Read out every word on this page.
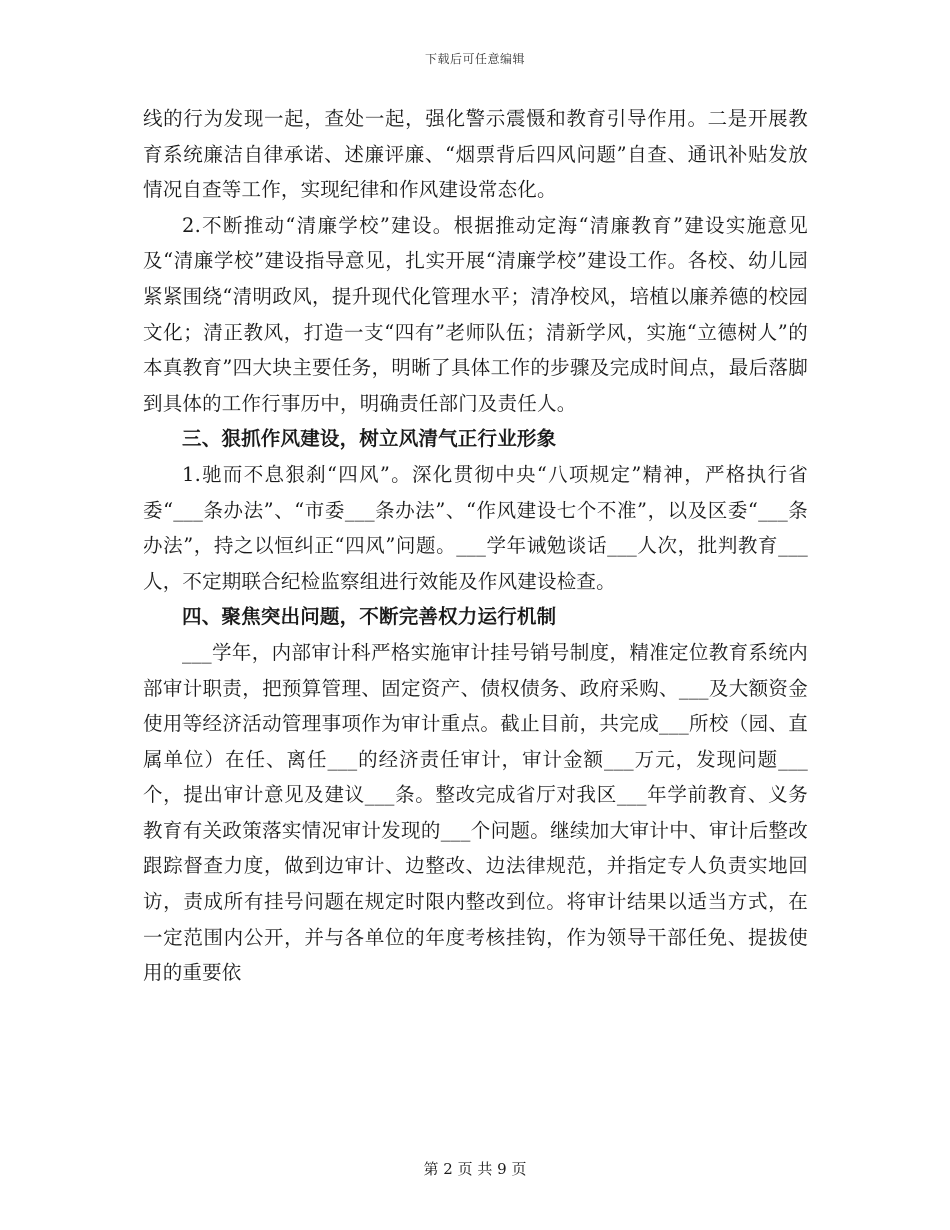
下载后可任意编辑

线的行为发现一起，查处一起，强化警示震慑和教育引导作用。二是开展教育系统廉洁自律承诺、述廉评廉、“烟票背后四风问题”自查、通讯补贴发放情况自查等工作，实现纪律和作风建设常态化。

2.不断推动“清廉学校”建设。根据推动定海“清廉教育”建设实施意见及“清廉学校”建设指导意见，扎实开展“清廉学校”建设工作。各校、幼儿园紧紧围绕“清明政风，提升现代化管理水平；清净校风，培植以廉养德的校园文化；清正教风，打造一支“四有”老师队伍；清新学风，实施“立德树人”的本真教育”四大块主要任务，明晰了具体工作的步骤及完成时间点，最后落脚到具体的工作行事历中，明确责任部门及责任人。

三、狠抓作风建设，树立风清气正行业形象

1.驰而不息狠刹“四风”。深化贯彻中央“八项规定”精神，严格执行省委“___条办法”、“市委___条办法”、“作风建设七个不准”，以及区委“___条办法”，持之以恒纠正“四风”问题。___学年诫勉谈话___人次，批判教育___人，不定期联合纪检监察组进行效能及作风建设检查。

四、聚焦突出问题，不断完善权力运行机制

___学年，内部审计科严格实施审计挂号销号制度，精准定位教育系统内部审计职责，把预算管理、固定资产、债权债务、政府采购、___及大额资金使用等经济活动管理事项作为审计重点。截止目前，共完成___所校（园、直属单位）在任、离任___的经济责任审计，审计金额___万元，发现问题___个，提出审计意见及建议___条。整改完成省厅对我区___年学前教育、义务教育有关政策落实情况审计发现的___个问题。继续加大审计中、审计后整改跟踪督查力度，做到边审计、边整改、边法律规范，并指定专人负责实地回访，责成所有挂号问题在规定时限内整改到位。将审计结果以适当方式，在一定范围内公开，并与各单位的年度考核挂钩，作为领导干部任免、提拔使用的重要依

第 2 页 共 9 页
